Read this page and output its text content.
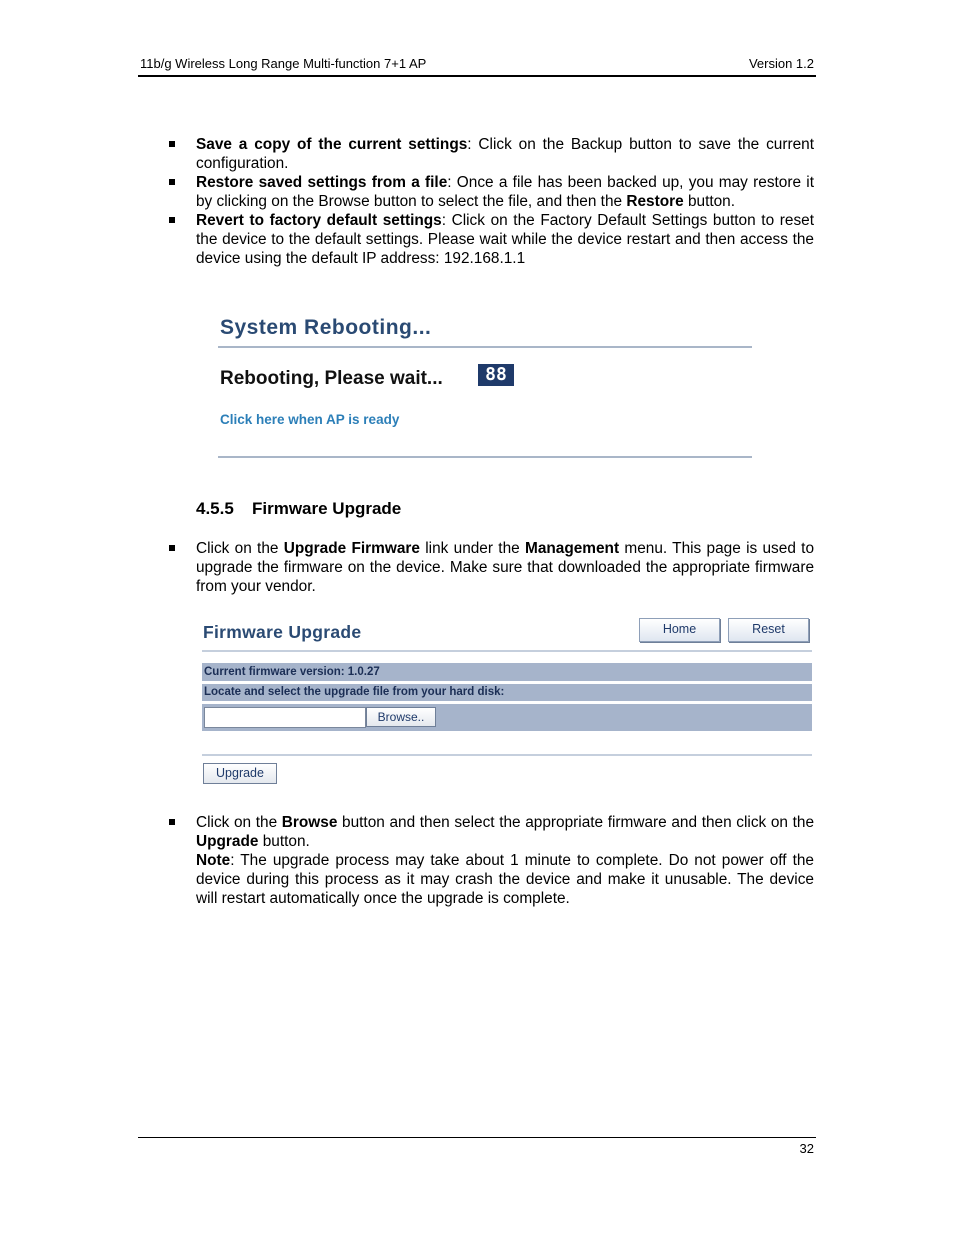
11b/g Wireless Long Range Multi-function 7+1 AP	Version 1.2
Save a copy of the current settings: Click on the Backup button to save the current configuration.
Restore saved settings from a file: Once a file has been backed up, you may restore it by clicking on the Browse button to select the file, and then the Restore button.
Revert to factory default settings: Click on the Factory Default Settings button to reset the device to the default settings. Please wait while the device restart and then access the device using the default IP address: 192.168.1.1
System Rebooting...
Rebooting, Please wait...	88
Click here when AP is ready
4.5.5 Firmware Upgrade
Click on the Upgrade Firmware link under the Management menu. This page is used to upgrade the firmware on the device. Make sure that downloaded the appropriate firmware from your vendor.
Firmware Upgrade	Home	Reset
Current firmware version: 1.0.27
Locate and select the upgrade file from your hard disk:
Browse..
Upgrade
Click on the Browse button and then select the appropriate firmware and then click on the Upgrade button.
Note: The upgrade process may take about 1 minute to complete. Do not power off the device during this process as it may crash the device and make it unusable. The device will restart automatically once the upgrade is complete.
32
